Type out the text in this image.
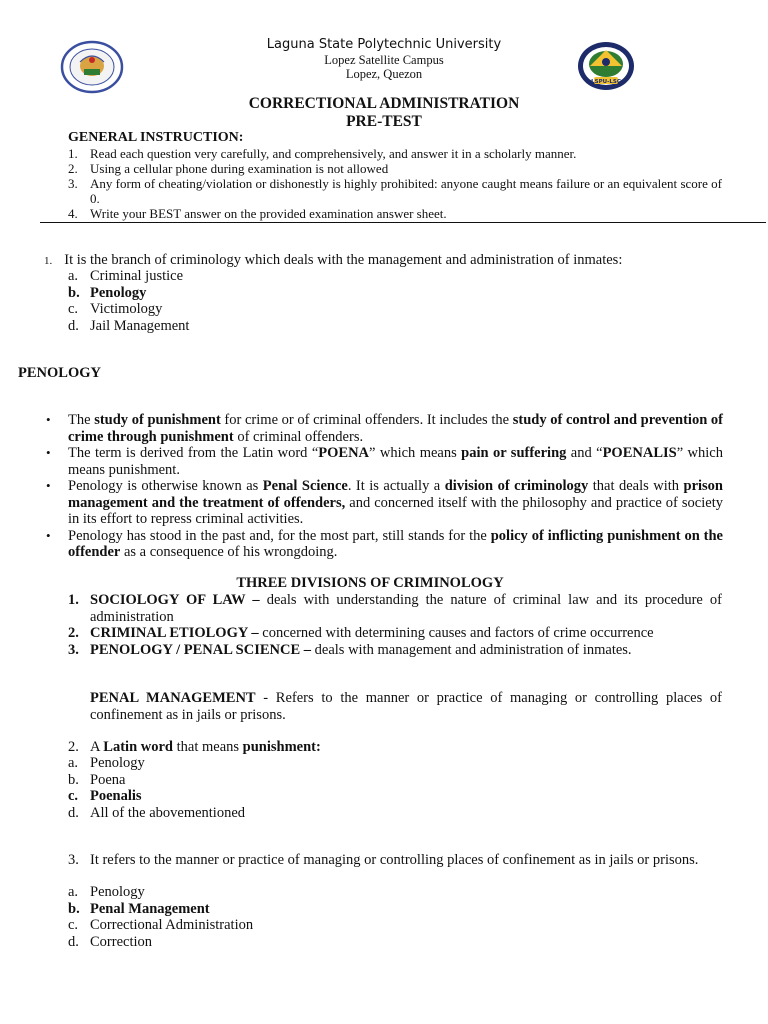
LSPU-LSC
Laguna State Polytechnic University
Lopez Satellite Campus
Lopez, Quezon
CORRECTIONAL ADMINISTRATION
PRE-TEST
GENERAL INSTRUCTION:
1. Read each question very carefully, and comprehensively, and answer it in a scholarly manner.
2. Using a cellular phone during examination is not allowed
3. Any form of cheating/violation or dishonestly is highly prohibited: anyone caught means failure or an equivalent score of 0.
4. Write your BEST answer on the provided examination answer sheet.
1. It is the branch of criminology which deals with the management and administration of inmates:
a. Criminal justice
b. Penology
c. Victimology
d. Jail Management
PENOLOGY
• The study of punishment for crime or of criminal offenders. It includes the study of control and prevention of crime through punishment of criminal offenders.
• The term is derived from the Latin word “POENA” which means pain or suffering and “POENALIS” which means punishment.
• Penology is otherwise known as Penal Science. It is actually a division of criminology that deals with prison management and the treatment of offenders, and concerned itself with the philosophy and practice of society in its effort to repress criminal activities.
• Penology has stood in the past and, for the most part, still stands for the policy of inflicting punishment on the offender as a consequence of his wrongdoing.
THREE DIVISIONS OF CRIMINOLOGY
1. SOCIOLOGY OF LAW – deals with understanding the nature of criminal law and its procedure of administration
2. CRIMINAL ETIOLOGY – concerned with determining causes and factors of crime occurrence
3. PENOLOGY / PENAL SCIENCE – deals with management and administration of inmates.
PENAL MANAGEMENT - Refers to the manner or practice of managing or controlling places of confinement as in jails or prisons.
2. A Latin word that means punishment:
a. Penology
b. Poena
c. Poenalis
d. All of the abovementioned
3. It refers to the manner or practice of managing or controlling places of confinement as in jails or prisons.
a. Penology
b. Penal Management
c. Correctional Administration
d. Correction
